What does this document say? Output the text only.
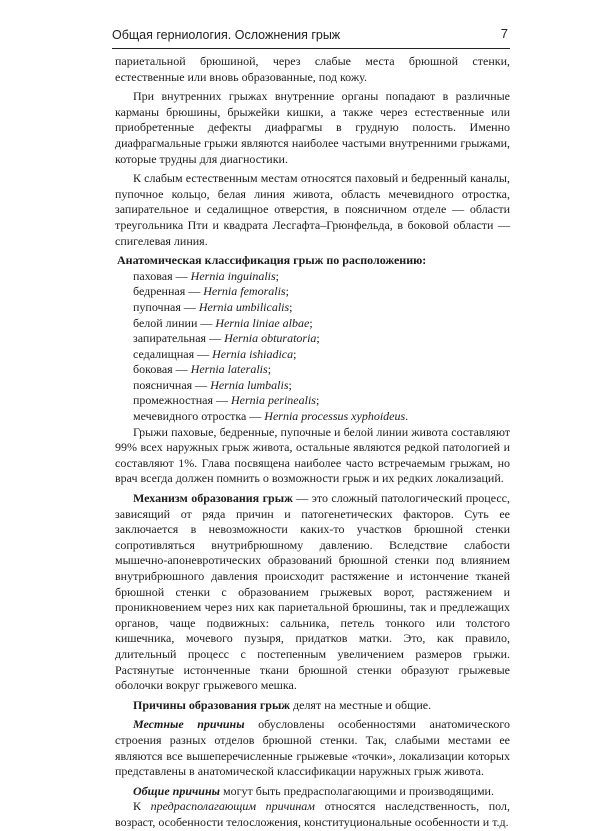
Общая герниология. Осложнения грыж	7

париетальной брюшиной, через слабые места брюшной стенки, естественные или вновь образованные, под кожу.

При внутренних грыжах внутренние органы попадают в различные карманы брюшины, брыжейки кишки, а также через естественные или приобретенные дефекты диафрагмы в грудную полость. Именно диафрагмальные грыжи являются наиболее частыми внутренними грыжами, которые трудны для диагностики.

К слабым естественным местам относятся паховый и бедренный каналы, пупочное кольцо, белая линия живота, область мечевидного отростка, запирательное и седалищное отверстия, в поясничном отделе — области треугольника Пти и квадрата Лесгафта–Грюнфельда, в боковой области — спигелевая линия.

Анатомическая классификация грыж по расположению:

паховая — Hernia inguinalis;
бедренная — Hernia femoralis;
пупочная — Hernia umbilicalis;
белой линии — Hernia liniae albae;
запирательная — Hernia obturatoria;
седалищная — Hernia ishiadica;
боковая — Hernia lateralis;
поясничная — Hernia lumbalis;
промежностная — Hernia perinealis;
мечевидного отростка — Hernia processus xyphoideus.

Грыжи паховые, бедренные, пупочные и белой линии живота составляют 99% всех наружных грыж живота, остальные являются редкой патологией и составляют 1%. Глава посвящена наиболее часто встречаемым грыжам, но врач всегда должен помнить о возможности грыж и их редких локализаций.

Механизм образования грыж — это сложный патологический процесс, зависящий от ряда причин и патогенетических факторов. Суть ее заключается в невозможности каких-то участков брюшной стенки сопротивляться внутрибрюшному давлению. Вследствие слабости мышечно-апоневротических образований брюшной стенки под влиянием внутрибрюшного давления происходит растяжение и истончение тканей брюшной стенки с образованием грыжевых ворот, растяжением и проникновением через них как париетальной брюшины, так и предлежащих органов, чаще подвижных: сальника, петель тонкого или толстого кишечника, мочевого пузыря, придатков матки. Это, как правило, длительный процесс с постепенным увеличением размеров грыжи. Растянутые истонченные ткани брюшной стенки образуют грыжевые оболочки вокруг грыжевого мешка.

Причины образования грыж делят на местные и общие.

Местные причины обусловлены особенностями анатомического строения разных отделов брюшной стенки. Так, слабыми местами ее являются все вышеперечисленные грыжевые «точки», локализации которых представлены в анатомической классификации наружных грыж живота.

Общие причины могут быть предрасполагающими и производящими.

К предрасполагающим причинам относятся наследственность, пол, возраст, особенности телосложения, конституциональные особенности и т.д.
